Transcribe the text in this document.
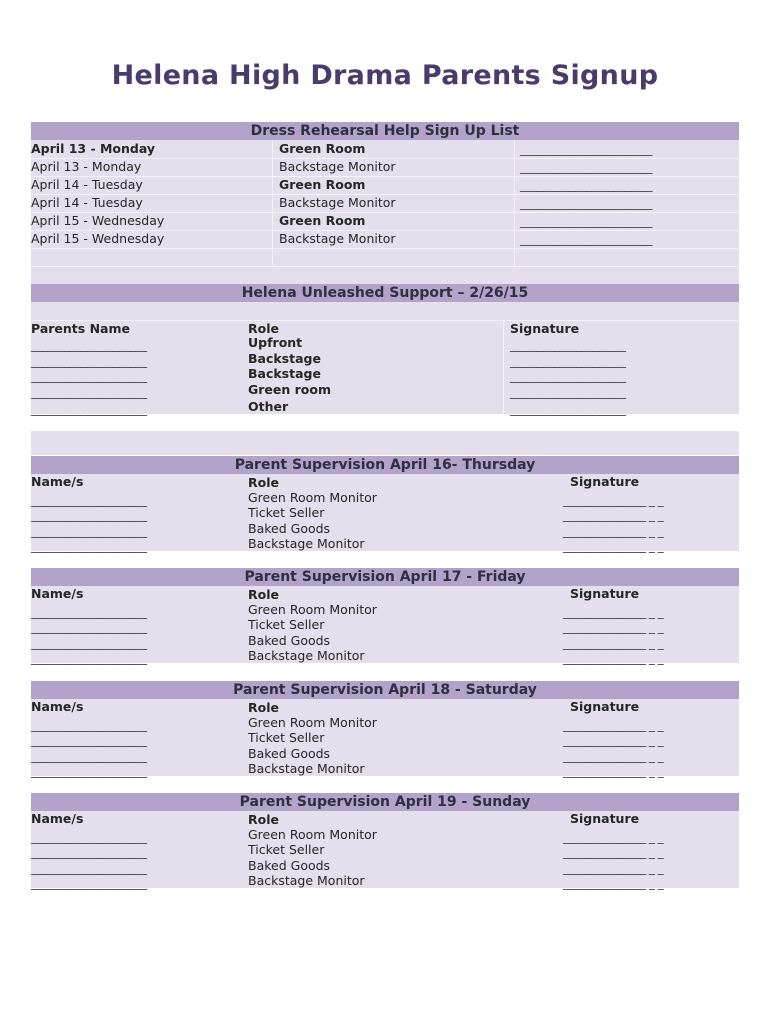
Helena High Drama Parents Signup
Dress Rehearsal Help Sign Up List
April 13 - Monday	Green Room	________________________
April 13 - Monday	Backstage Monitor	________________________
April 14 - Tuesday	Green Room	________________________
April 14 - Tuesday	Backstage Monitor	________________________
April 15 - Wednesday	Green Room	________________________
April 15 - Wednesday	Backstage Monitor	________________________
Helena Unleashed Support – 2/26/15
Parents Name	Role	Signature
_____________________	Upfront	_____________________
_____________________	Backstage	_____________________
_____________________	Backstage	_____________________
_____________________	Green room	_____________________
_____________________	Other	_____________________
Parent Supervision April 16- Thursday
Name/s	Role	Signature
_____________________	Green Room Monitor	_______________ _ _
_____________________	Ticket Seller	_______________ _ _
_____________________	Baked Goods	_______________ _ _
_____________________	Backstage Monitor	_______________ _ _
Parent Supervision April 17 - Friday
Name/s	Role	Signature
_____________________	Green Room Monitor	_______________ _ _
_____________________	Ticket Seller	_______________ _ _
_____________________	Baked Goods	_______________ _ _
_____________________	Backstage Monitor	_______________ _ _
Parent Supervision April 18 - Saturday
Name/s	Role	Signature
_____________________	Green Room Monitor	_______________ _ _
_____________________	Ticket Seller	_______________ _ _
_____________________	Baked Goods	_______________ _ _
_____________________	Backstage Monitor	_______________ _ _
Parent Supervision April 19 - Sunday
Name/s	Role	Signature
_____________________	Green Room Monitor	_______________ _ _
_____________________	Ticket Seller	_______________ _ _
_____________________	Baked Goods	_______________ _ _
_____________________	Backstage Monitor	_______________ _ _
